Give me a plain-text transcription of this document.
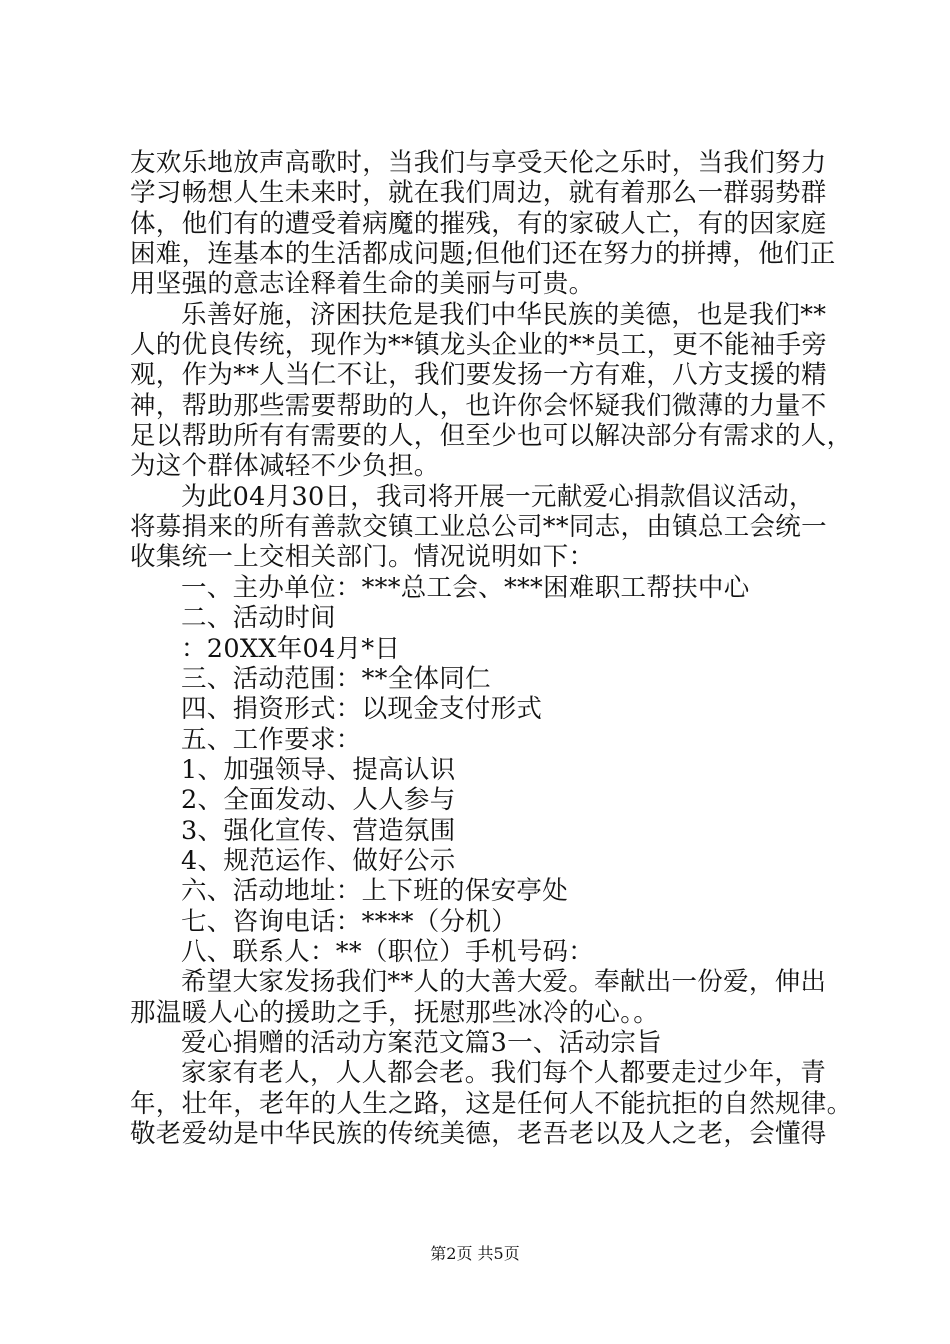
友欢乐地放声高歌时，当我们与享受天伦之乐时，当我们努力
学习畅想人生未来时，就在我们周边，就有着那么一群弱势群
体，他们有的遭受着病魔的摧残，有的家破人亡，有的因家庭
困难，连基本的生活都成问题;但他们还在努力的拼搏，他们正
用坚强的意志诠释着生命的美丽与可贵。
乐善好施，济困扶危是我们中华民族的美德，也是我们**
人的优良传统，现作为**镇龙头企业的**员工，更不能袖手旁
观，作为**人当仁不让，我们要发扬一方有难，八方支援的精
神，帮助那些需要帮助的人，也许你会怀疑我们微薄的力量不
足以帮助所有有需要的人，但至少也可以解决部分有需求的人，
为这个群体减轻不少负担。
为此04月30日，我司将开展一元献爱心捐款倡议活动，
将募捐来的所有善款交镇工业总公司**同志，由镇总工会统一
收集统一上交相关部门。情况说明如下：
一、主办单位：***总工会、***困难职工帮扶中心
二、活动时间
：20XX年04月*日
三、活动范围：**全体同仁
四、捐资形式：以现金支付形式
五、工作要求：
1、加强领导、提高认识
2、全面发动、人人参与
3、强化宣传、营造氛围
4、规范运作、做好公示
六、活动地址：上下班的保安亭处
七、咨询电话：****（分机）
八、联系人：**（职位）手机号码：
希望大家发扬我们**人的大善大爱。奉献出一份爱，伸出
那温暖人心的援助之手，抚慰那些冰冷的心。。
爱心捐赠的活动方案范文篇3一、活动宗旨
家家有老人，人人都会老。我们每个人都要走过少年，青
年，壮年，老年的人生之路，这是任何人不能抗拒的自然规律。
敬老爱幼是中华民族的传统美德，老吾老以及人之老，会懂得
第2页 共5页
